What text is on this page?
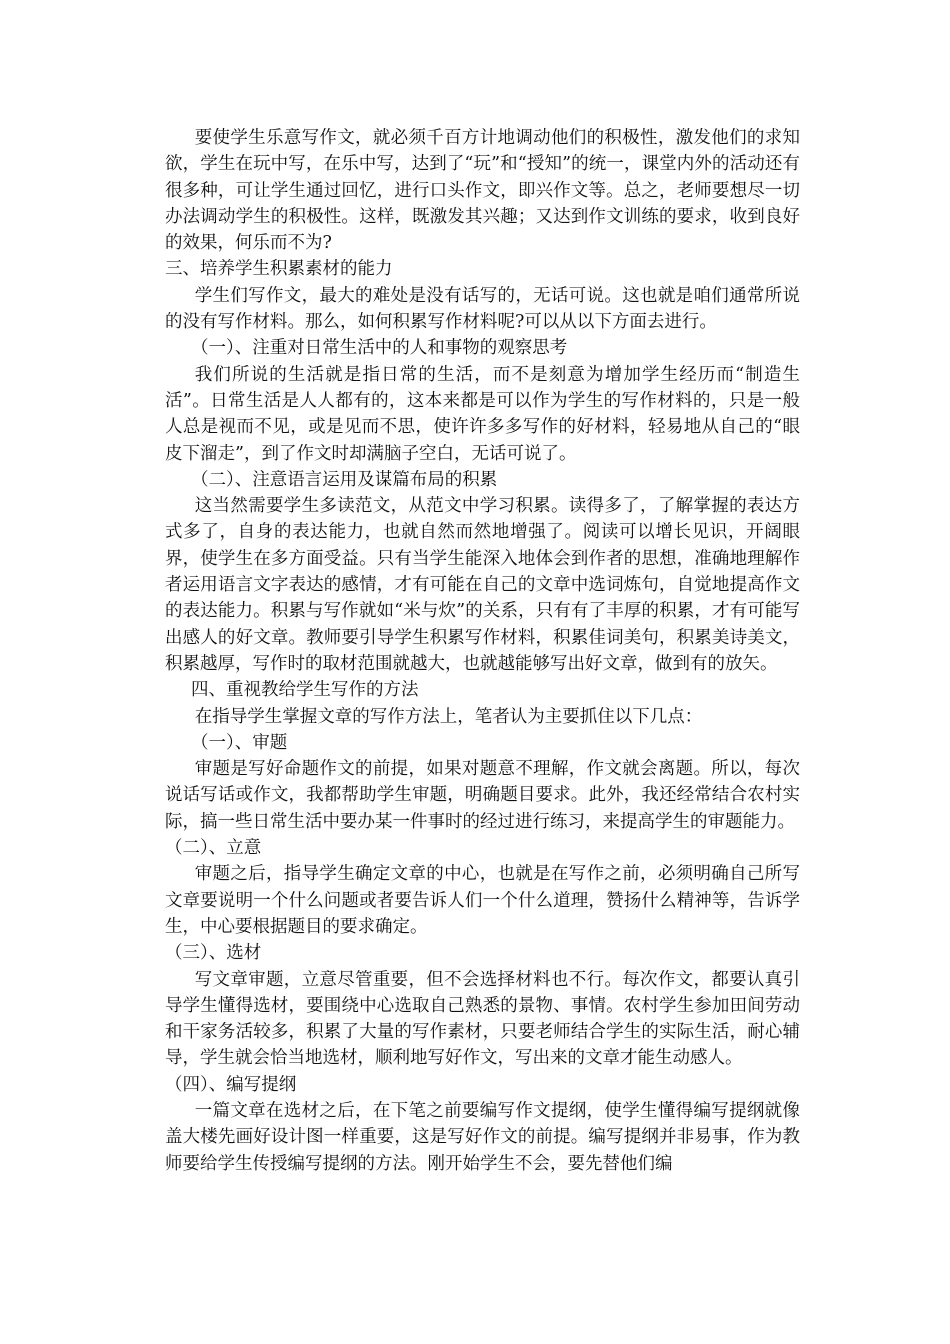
要使学生乐意写作文，就必须千百方计地调动他们的积极性，激发他们的求知欲，学生在玩中写，在乐中写，达到了“玩”和“授知”的统一，课堂内外的活动还有很多种，可让学生通过回忆，进行口头作文，即兴作文等。总之，老师要想尽一切办法调动学生的积极性。这样，既激发其兴趣；又达到作文训练的要求，收到良好的效果，何乐而不为?

三、培养学生积累素材的能力

学生们写作文，最大的难处是没有话写的，无话可说。这也就是咱们通常所说的没有写作材料。那么，如何积累写作材料呢?可以从以下方面去进行。

（一）、注重对日常生活中的人和事物的观察思考

我们所说的生活就是指日常的生活，而不是刻意为增加学生经历而“制造生活”。日常生活是人人都有的，这本来都是可以作为学生的写作材料的，只是一般人总是视而不见，或是见而不思，使许许多多写作的好材料，轻易地从自己的“眼皮下溜走”，到了作文时却满脑子空白，无话可说了。

（二）、注意语言运用及谋篇布局的积累

这当然需要学生多读范文，从范文中学习积累。读得多了，了解掌握的表达方式多了，自身的表达能力，也就自然而然地增强了。阅读可以增长见识，开阔眼界，使学生在多方面受益。只有当学生能深入地体会到作者的思想，准确地理解作者运用语言文字表达的感情，才有可能在自己的文章中选词炼句，自觉地提高作文的表达能力。积累与写作就如“米与炊”的关系，只有有了丰厚的积累，才有可能写出感人的好文章。教师要引导学生积累写作材料，积累佳词美句，积累美诗美文，积累越厚，写作时的取材范围就越大，也就越能够写出好文章，做到有的放矢。

四、重视教给学生写作的方法

在指导学生掌握文章的写作方法上，笔者认为主要抓住以下几点：

（一）、审题

审题是写好命题作文的前提，如果对题意不理解，作文就会离题。所以，每次说话写话或作文，我都帮助学生审题，明确题目要求。此外，我还经常结合农村实际，搞一些日常生活中要办某一件事时的经过进行练习，来提高学生的审题能力。

（二）、立意

审题之后，指导学生确定文章的中心，也就是在写作之前，必须明确自己所写文章要说明一个什么问题或者要告诉人们一个什么道理，赞扬什么精神等，告诉学生，中心要根据题目的要求确定。

（三）、选材

写文章审题，立意尽管重要，但不会选择材料也不行。每次作文，都要认真引导学生懂得选材，要围绕中心选取自己熟悉的景物、事情。农村学生参加田间劳动和干家务活较多，积累了大量的写作素材，只要老师结合学生的实际生活，耐心辅导，学生就会恰当地选材，顺利地写好作文，写出来的文章才能生动感人。

（四）、编写提纲

一篇文章在选材之后，在下笔之前要编写作文提纲，使学生懂得编写提纲就像盖大楼先画好设计图一样重要，这是写好作文的前提。编写提纲并非易事，作为教师要给学生传授编写提纲的方法。刚开始学生不会，要先替他们编
